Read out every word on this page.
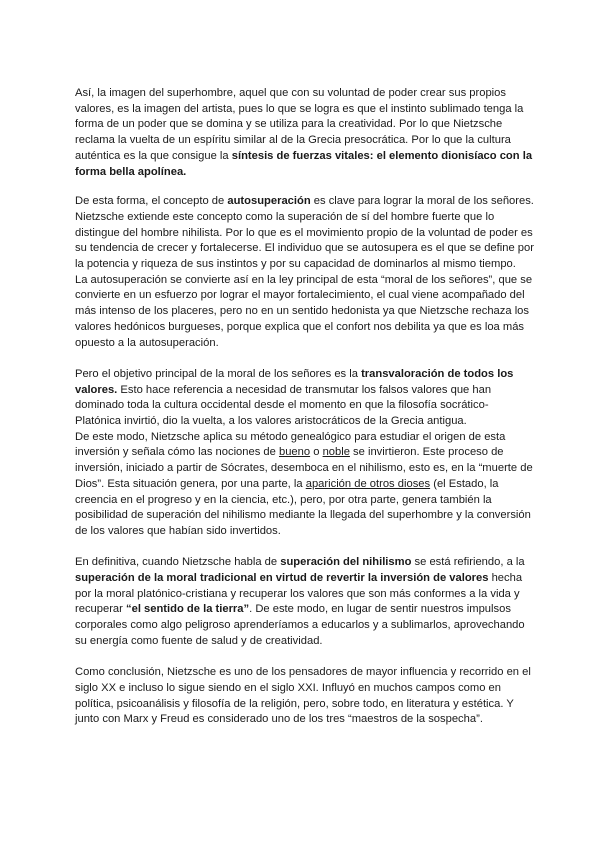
Así, la imagen del superhombre, aquel que con su voluntad de poder crear sus propios
valores, es la imagen del artista, pues lo que se logra es que el instinto sublimado tenga la
forma de un poder que se domina y se utiliza para la creatividad. Por lo que Nietzsche
reclama la vuelta de un espíritu similar al de la Grecia presocrática. Por lo que la cultura
auténtica es la que consigue la síntesis de fuerzas vitales: el elemento dionisíaco con la
forma bella apolínea.

De esta forma, el concepto de autosuperación es clave para lograr la moral de los señores.
Nietzsche extiende este concepto como la superación de sí del hombre fuerte que lo
distingue del hombre nihilista. Por lo que es el movimiento propio de la voluntad de poder es
su tendencia de crecer y fortalecerse. El individuo que se autosupera es el que se define por
la potencia y riqueza de sus instintos y por su capacidad de dominarlos al mismo tiempo.
La autosuperación se convierte así en la ley principal de esta “moral de los señores”, que se
convierte en un esfuerzo por lograr el mayor fortalecimiento, el cual viene acompañado del
más intenso de los placeres, pero no en un sentido hedonista ya que Nietzsche rechaza los
valores hedónicos burgueses, porque explica que el confort nos debilita ya que es loa más
opuesto a la autosuperación.

Pero el objetivo principal de la moral de los señores es la transvaloración de todos los
valores. Esto hace referencia a necesidad de transmutar los falsos valores que han
dominado toda la cultura occidental desde el momento en que la filosofía socrático-
Platónica invirtió, dio la vuelta, a los valores aristocráticos de la Grecia antigua.
De este modo, Nietzsche aplica su método genealógico para estudiar el origen de esta
inversión y señala cómo las nociones de bueno o noble se invirtieron. Este proceso de
inversión, iniciado a partir de Sócrates, desemboca en el nihilismo, esto es, en la “muerte de
Dios”. Esta situación genera, por una parte, la aparición de otros dioses (el Estado, la
creencia en el progreso y en la ciencia, etc.), pero, por otra parte, genera también la
posibilidad de superación del nihilismo mediante la llegada del superhombre y la conversión
de los valores que habían sido invertidos.

En definitiva, cuando Nietzsche habla de superación del nihilismo se está refiriendo, a la
superación de la moral tradicional en virtud de revertir la inversión de valores hecha
por la moral platónico-cristiana y recuperar los valores que son más conformes a la vida y
recuperar “el sentido de la tierra”. De este modo, en lugar de sentir nuestros impulsos
corporales como algo peligroso aprenderíamos a educarlos y a sublimarlos, aprovechando
su energía como fuente de salud y de creatividad.

Como conclusión, Nietzsche es uno de los pensadores de mayor influencia y recorrido en el
siglo XX e incluso lo sigue siendo en el siglo XXI. Influyó en muchos campos como en
política, psicoanálisis y filosofía de la religión, pero, sobre todo, en literatura y estética. Y
junto con Marx y Freud es considerado uno de los tres “maestros de la sospecha”.
